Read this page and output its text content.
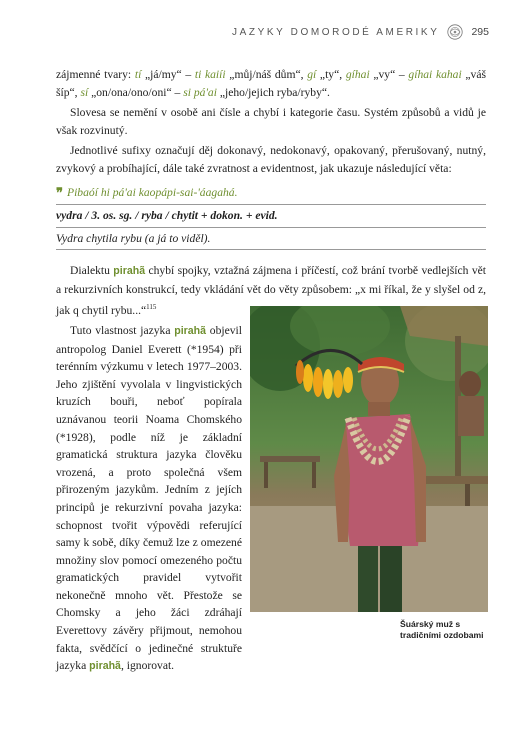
JAZYKY DOMORODÉ AMERIKY	295

zájmenné tvary: tí „já/my“ – ti kaiíi „můj/náš dům“, gí „ty“, gíhai „vy“ – gíhai kahai „váš šíp“, sí „on/ona/ono/oni“ – si pá'ai „jeho/jejich ryba/ryby“.

Slovesa se nemění v osobě ani čísle a chybí i kategorie času. Systém způsobů a vidů je však rozvinutý.

Jednotlivé sufixy označují děj dokonavý, nedokonavý, opakovaný, přerušovaný, nutný, zvykový a probíhající, dále také zvratnost a evidentnost, jak ukazuje následující věta:

❞ Pibaóí hi pá'ai kaopápi-sai-'áagahá.
vydra / 3. os. sg. / ryba / chytit + dokon. + evid.
Vydra chytila rybu (a já to viděl).

Dialektu pirahã chybí spojky, vztažná zájmena i příčestí, což brání tvorbě vedlejších vět a rekurzivních konstrukcí, tedy vkládání vět do věty způsobem: „x mi říkal, že y slyšel od z, jak q chytil rybu...“$^{115}$

Tuto vlastnost jazyka pirahã objevil antropolog Daniel Everett (*1954) při terénním výzkumu v letech 1977–2003. Jeho zjištění vyvolala v lingvistických kruzích bouři, neboť popírala uznávanou teorii Noama Chomského (*1928), podle níž je základní gramatická struktura jazyka člověku vrozená, a proto společná všem přirozeným jazykům. Jedním z jejích principů je rekurzivní povaha jazyka: schopnost tvořit výpovědi referující samy k sobě, díky čemuž lze z omezené množiny slov pomocí omezeného počtu gramatických pravidel vytvořit nekonečně mnoho vět. Přestože se Chomsky a jeho žáci zdráhají Everettovy závěry přijmout, nemohou fakta, svědčící o jedinečné struktuře jazyka pirahã, ignorovat.

Šuárský muž s tradičními ozdobami
